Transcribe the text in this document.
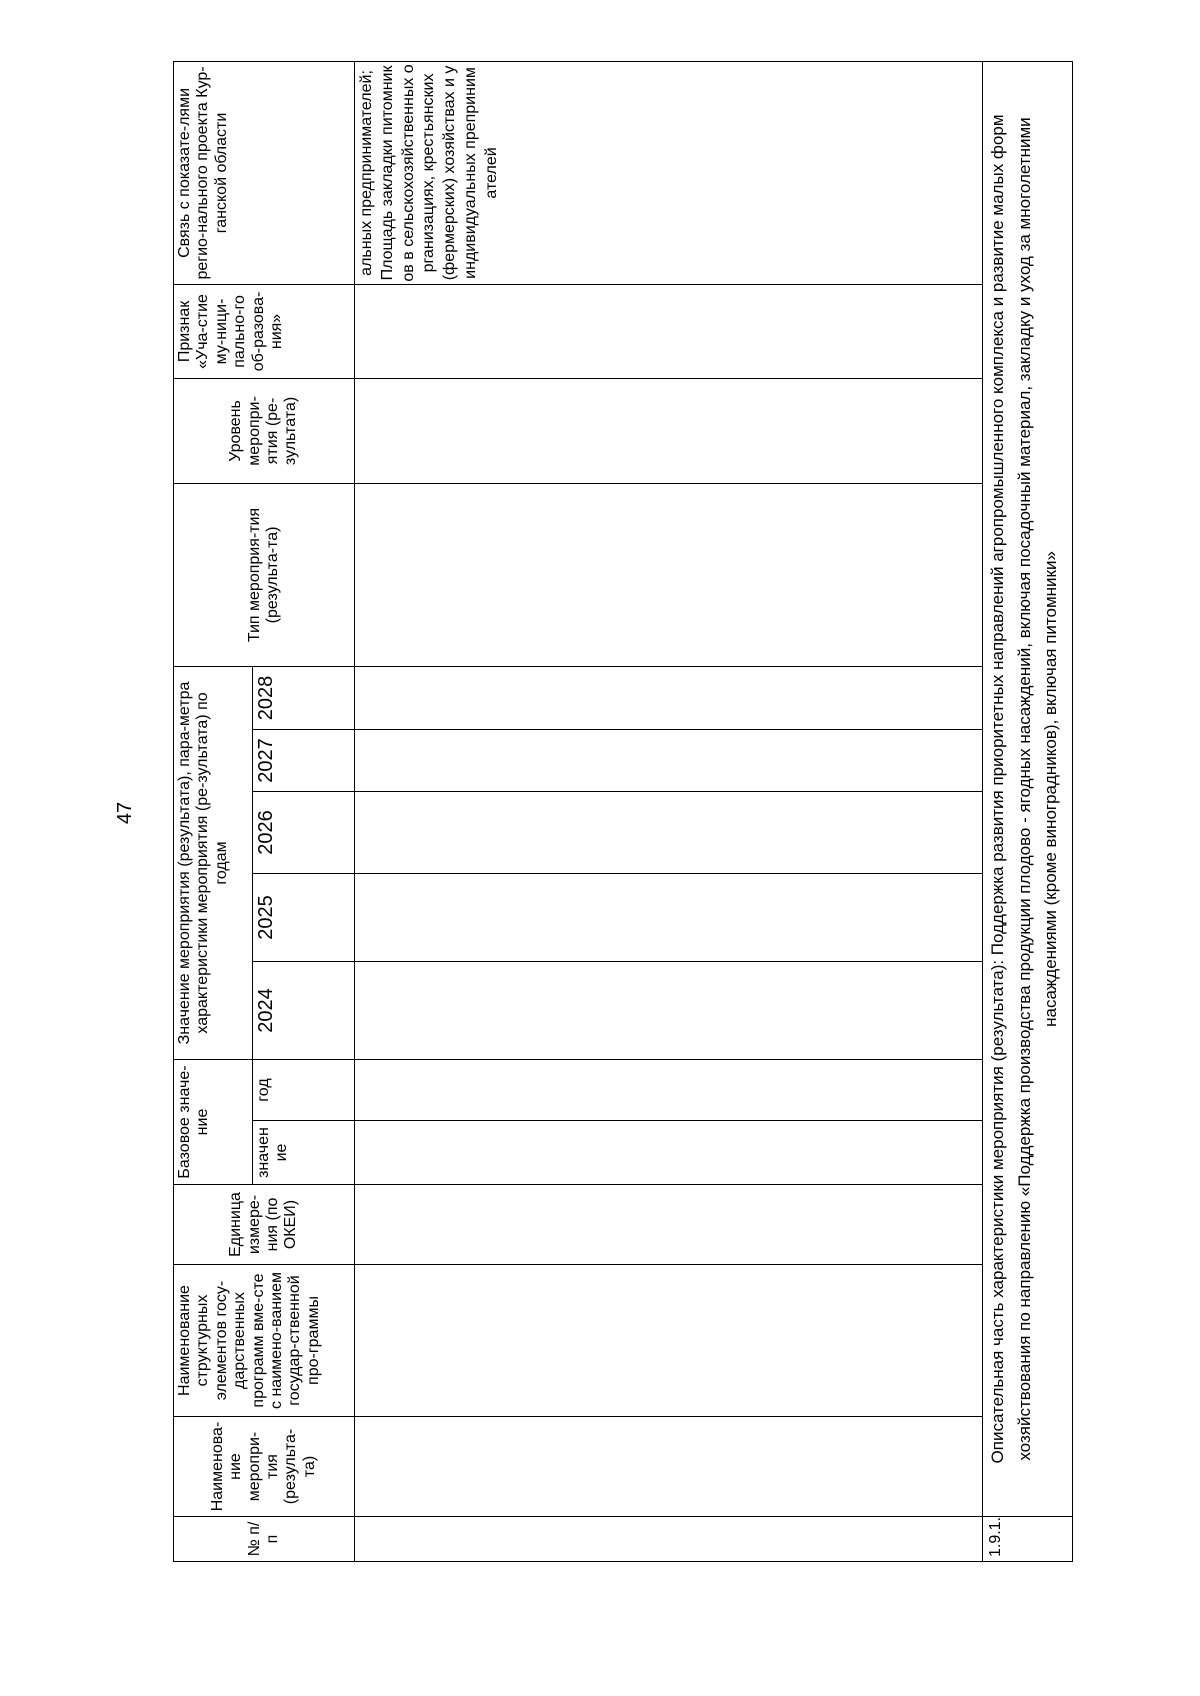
47
№ п/п	Наименова-ние меропри-тия (результа-та)	Наименование структурных элементов госу-дарственных программ вме-сте с наимено-ванием государ-ственной про-граммы	Единица измере-ния (по ОКЕИ)	Базовое значе-ние		Значение мероприятия (результата), пара-метра характеристики мероприятия (ре-зультата) по годам					Тип мероприя-тия (результа-та)	Уровень меропри-ятия (ре-зультата)	Признак «Уча-стие му-ници-пально-го об-разова-ния»	Связь с показате-лями регио-нального проекта Кур-ганской области

				значен ие	год	2024	2025	2026	2027	2028				
														альных предпринимателей; Площадь закладки питомников в сельскохозяйственных организациях, крестьянских (фермерских) хозяйствах и у индивидуальных препринимателей
1.9.1.	Описательная часть характеристики мероприятия (результата): Поддержка развития приоритетных направлений агропромышленного комплекса и развитие малых форм хозяйствования по направлению «Поддержка производства продукции плодово - ягодных насаждений, включая посадочный материал, закладку и уход за многолетними насаждениями (кроме виноградников), включая питомники»													
